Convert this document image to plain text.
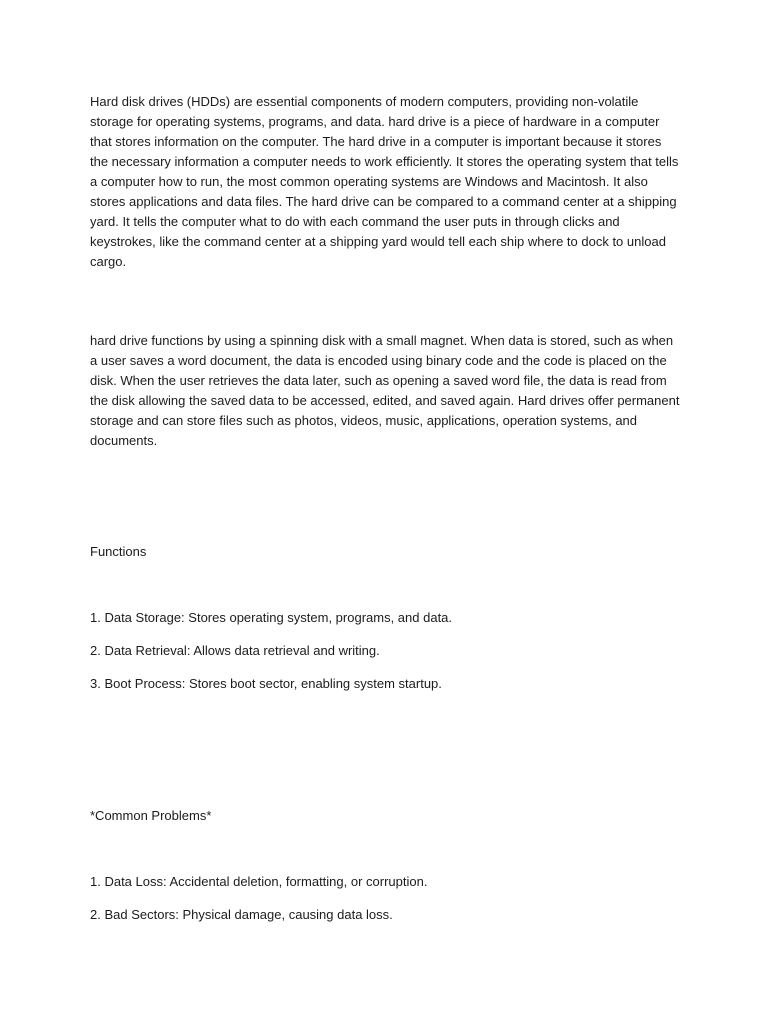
Hard disk drives (HDDs) are essential components of modern computers, providing non-volatile storage for operating systems, programs, and data. hard drive is a piece of hardware in a computer that stores information on the computer. The hard drive in a computer is important because it stores the necessary information a computer needs to work efficiently. It stores the operating system that tells a computer how to run, the most common operating systems are Windows and Macintosh. It also stores applications and data files. The hard drive can be compared to a command center at a shipping yard. It tells the computer what to do with each command the user puts in through clicks and keystrokes, like the command center at a shipping yard would tell each ship where to dock to unload cargo.

hard drive functions by using a spinning disk with a small magnet. When data is stored, such as when a user saves a word document, the data is encoded using binary code and the code is placed on the disk. When the user retrieves the data later, such as opening a saved word file, the data is read from the disk allowing the saved data to be accessed, edited, and saved again. Hard drives offer permanent storage and can store files such as photos, videos, music, applications, operation systems, and documents.

Functions

1. Data Storage: Stores operating system, programs, and data.

2. Data Retrieval: Allows data retrieval and writing.

3. Boot Process: Stores boot sector, enabling system startup.

*Common Problems*

1. Data Loss: Accidental deletion, formatting, or corruption.

2. Bad Sectors: Physical damage, causing data loss.
